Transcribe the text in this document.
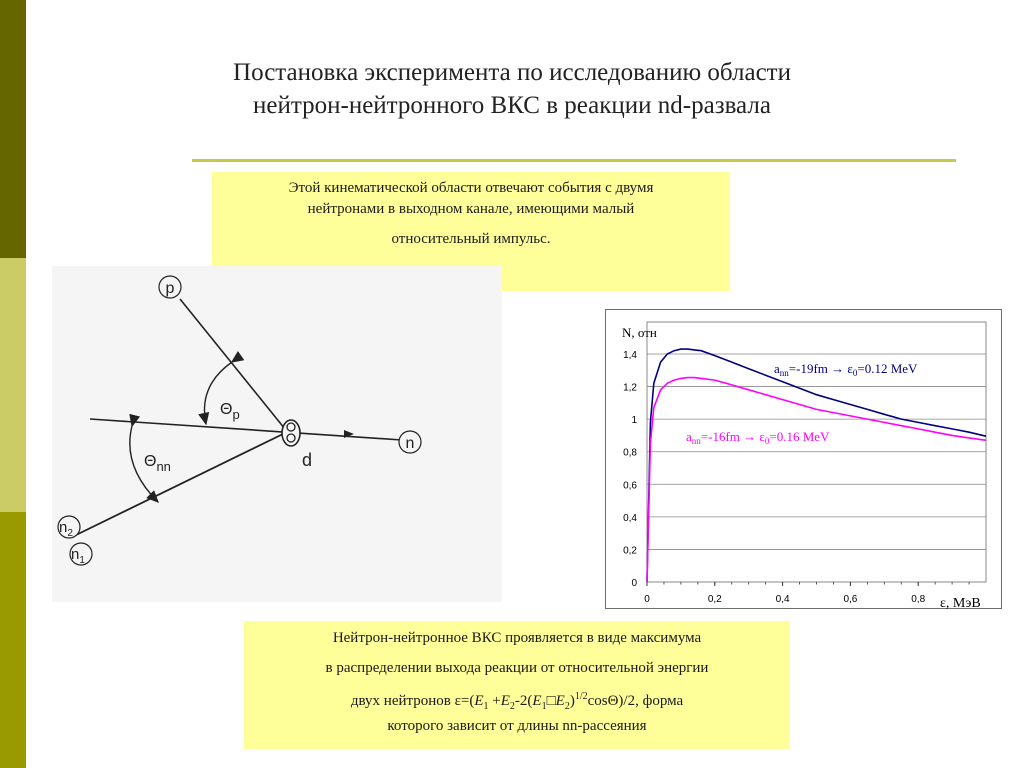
Постановка эксперимента по исследованию области
нейтрон-нейтронного ВКС в реакции nd-развала
Этой кинематической области отвечают события с двумя
нейтронами в выходном канале, имеющими малый
относительный импульс.
p
n
$n_2$
$n_1$
d
$\Theta_p$
$\Theta_{nn}$
0
0,2
0,4
0,6
0,8
1
1,2
1,4
0	0,2	0,4	0,6	0,8
N, отн
ε, МэВ
$a_{nn}=-19fm \to \varepsilon_0=0.12$ MeV
$a_{nn}=-16fm \to \varepsilon_0=0.16$ MeV
Нейтрон-нейтронное ВКС проявляется в виде максимума
в распределении выхода реакции от относительной энергии
двух нейтронов $\varepsilon=(E_1$ $+E_2-2(E_1□E_2)^{1/2}\cos\Theta)/2$, форма
которого зависит от длины nn-рассеяния
